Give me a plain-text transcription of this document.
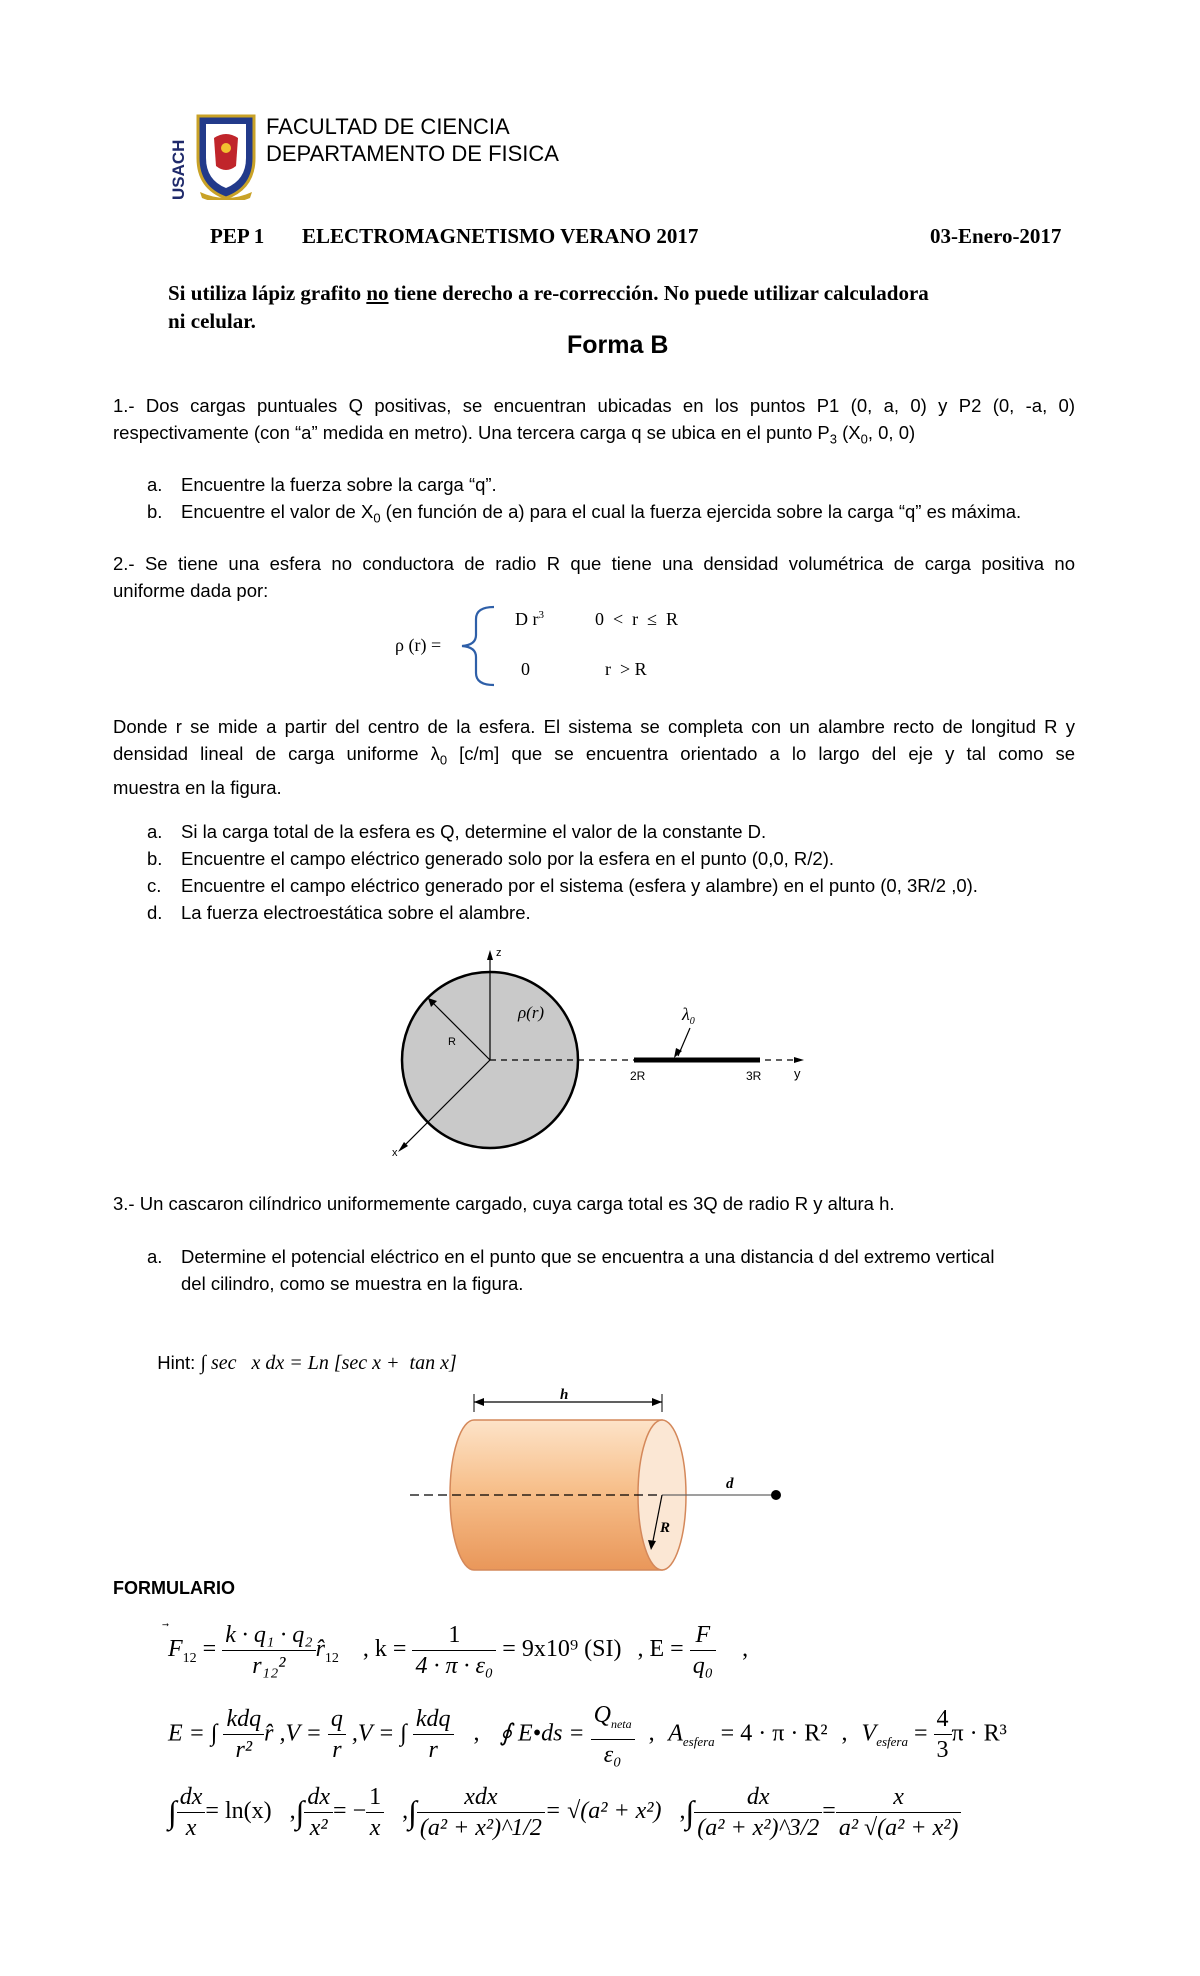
USACH
FACULTAD DE CIENCIA
DEPARTAMENTO DE FISICA
PEP 1 ELECTROMAGNETISMO VERANO 2017	03-Enero-2017
Si utiliza lápiz grafito no tiene derecho a re-corrección. No puede utilizar calculadora
ni celular.
Forma B
1.- Dos cargas puntuales Q positivas, se encuentran ubicadas en los puntos P1 (0, a, 0) y P2 (0, -a, 0)
respectivamente (con “a” medida en metro). Una tercera carga q se ubica en el punto $P_3$ ($X_0$, 0, 0)
a. Encuentre la fuerza sobre la carga “q”.
b. Encuentre el valor de $X_0$ (en función de a) para el cual la fuerza ejercida sobre la carga “q” es máxima.
2.- Se tiene una esfera no conductora de radio R que tiene una densidad volumétrica de carga positiva no
uniforme dada por:
ρ (r) =
D $r^3$	0  <  r  ≤  R
0	r  > R
Donde r se mide a partir del centro de la esfera. El sistema se completa con un alambre recto de longitud R y
densidad lineal de carga uniforme $\lambda_0$ [c/m] que se encuentra orientado a lo largo del eje y tal como se
muestra en la figura.
a. Si la carga total de la esfera es Q, determine el valor de la constante D.
b. Encuentre el campo eléctrico generado solo por la esfera en el punto (0,0, R/2).
c. Encuentre el campo eléctrico generado por el sistema (esfera y alambre) en el punto (0, 3R/2 ,0).
d. La fuerza electroestática sobre el alambre.
z
y
x
R
ρ(r)	$\lambda_0$
2R	3R
3.- Un cascaron cilíndrico uniformemente cargado, cuya carga total es 3Q de radio R y altura h.
a. Determine el potencial eléctrico en el punto que se encuentra a una distancia d del extremo vertical
del cilindro, como se muestra en la figura.

Hint: ∫ sec   x dx = Ln [sec x +  tan x]

h
d
R
FORMULARIO
F
$_{12} = \frac{\text{k · q₁ · q₂}}{\text{r₁₂²}}$ $r̂_{12}$ , $k = \frac{1}{\text{4 · π · ε₀}} = 9x10^9$ (SI) , $E = \frac{F}{\text{q₀}}$ ,
E = ∫ $\frac{\text{kdq}}{\text{r²}}$ r̂ $,V = \frac{q}{r} ,V$ = ∫ $\frac{\text{kdq}}{r}$ , ∮ E•ds = $\frac{Q_{neta}}{\text{ε₀}}$ , $A_{esfera} = 4 \cdot \pi \cdot R^2$ , $V_{esfera} = \frac{4}{3}$ π · R³
∫ $\frac{dx}{x} = \ln(x)$ ,∫ $\frac{dx}{\text{x²}}$ = − $\frac{1}{x}$ ,∫ $\frac{\text{xdx}}{\text{(a² + x²)\textasciicircum{}1/2}} = √(a^2 + x^2)$ ,∫ $\frac{dx}{\text{(a² + x²)\textasciicircum{}3/2}} = \frac{x}{\text{a² √(a² + x²)}}$
